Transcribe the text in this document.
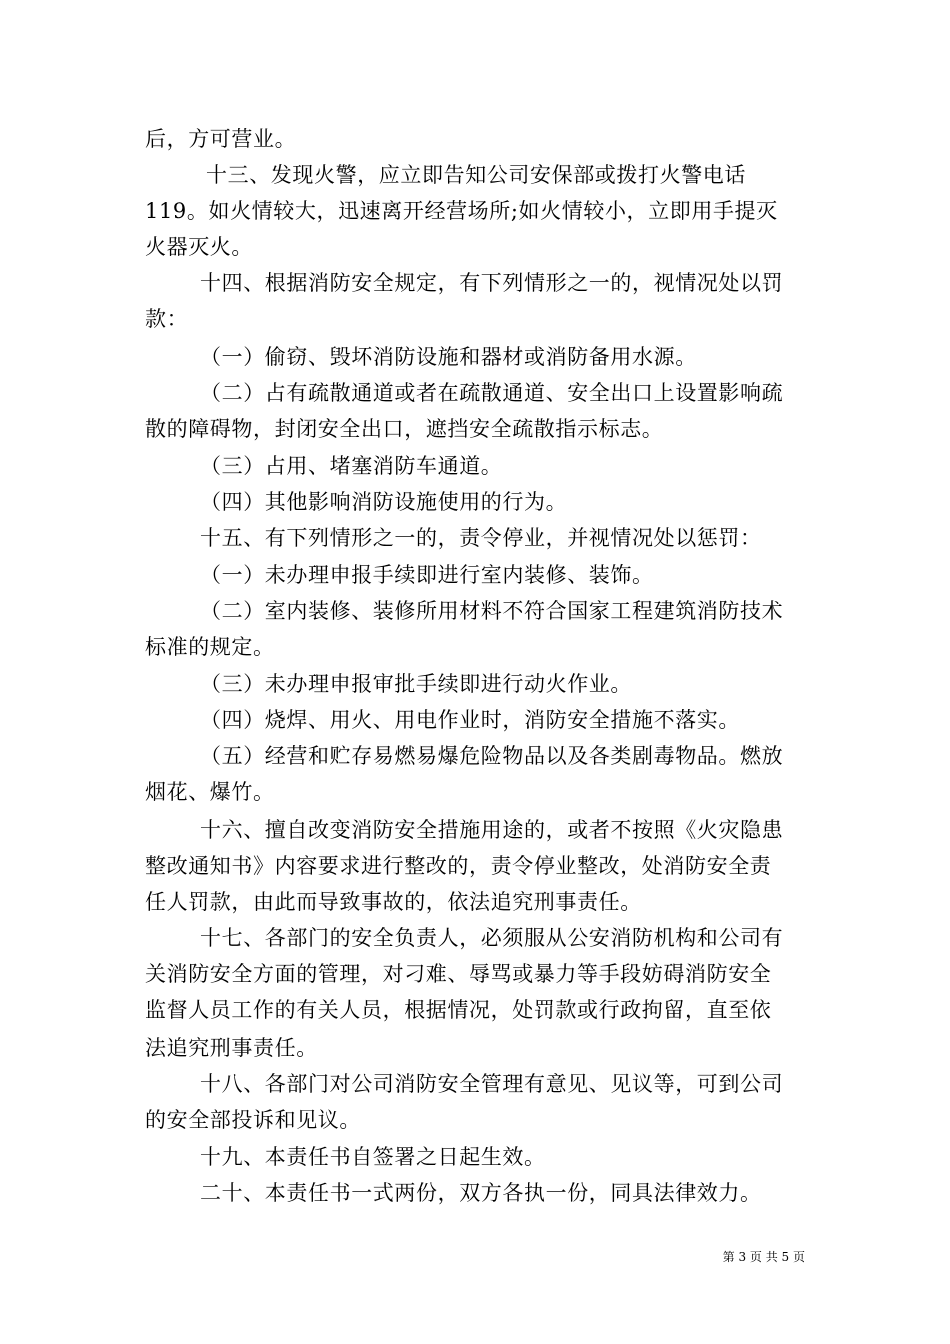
后，方可营业。
十三、发现火警，应立即告知公司安保部或拨打火警电话
119。如火情较大，迅速离开经营场所;如火情较小，立即用手提灭
火器灭火。
十四、根据消防安全规定，有下列情形之一的，视情况处以罚
款：
（一）偷窃、毁坏消防设施和器材或消防备用水源。
（二）占有疏散通道或者在疏散通道、安全出口上设置影响疏
散的障碍物，封闭安全出口，遮挡安全疏散指示标志。
（三）占用、堵塞消防车通道。
（四）其他影响消防设施使用的行为。
十五、有下列情形之一的，责令停业，并视情况处以惩罚：
（一）未办理申报手续即进行室内装修、装饰。
（二）室内装修、装修所用材料不符合国家工程建筑消防技术
标准的规定。
（三）未办理申报审批手续即进行动火作业。
（四）烧焊、用火、用电作业时，消防安全措施不落实。
（五）经营和贮存易燃易爆危险物品以及各类剧毒物品。燃放
烟花、爆竹。
十六、擅自改变消防安全措施用途的，或者不按照《火灾隐患
整改通知书》内容要求进行整改的，责令停业整改，处消防安全责
任人罚款，由此而导致事故的，依法追究刑事责任。
十七、各部门的安全负责人，必须服从公安消防机构和公司有
关消防安全方面的管理，对刁难、辱骂或暴力等手段妨碍消防安全
监督人员工作的有关人员，根据情况，处罚款或行政拘留，直至依
法追究刑事责任。
十八、各部门对公司消防安全管理有意见、见议等，可到公司
的安全部投诉和见议。
十九、本责任书自签署之日起生效。
二十、本责任书一式两份，双方各执一份，同具法律效力。
第 3 页 共 5 页
